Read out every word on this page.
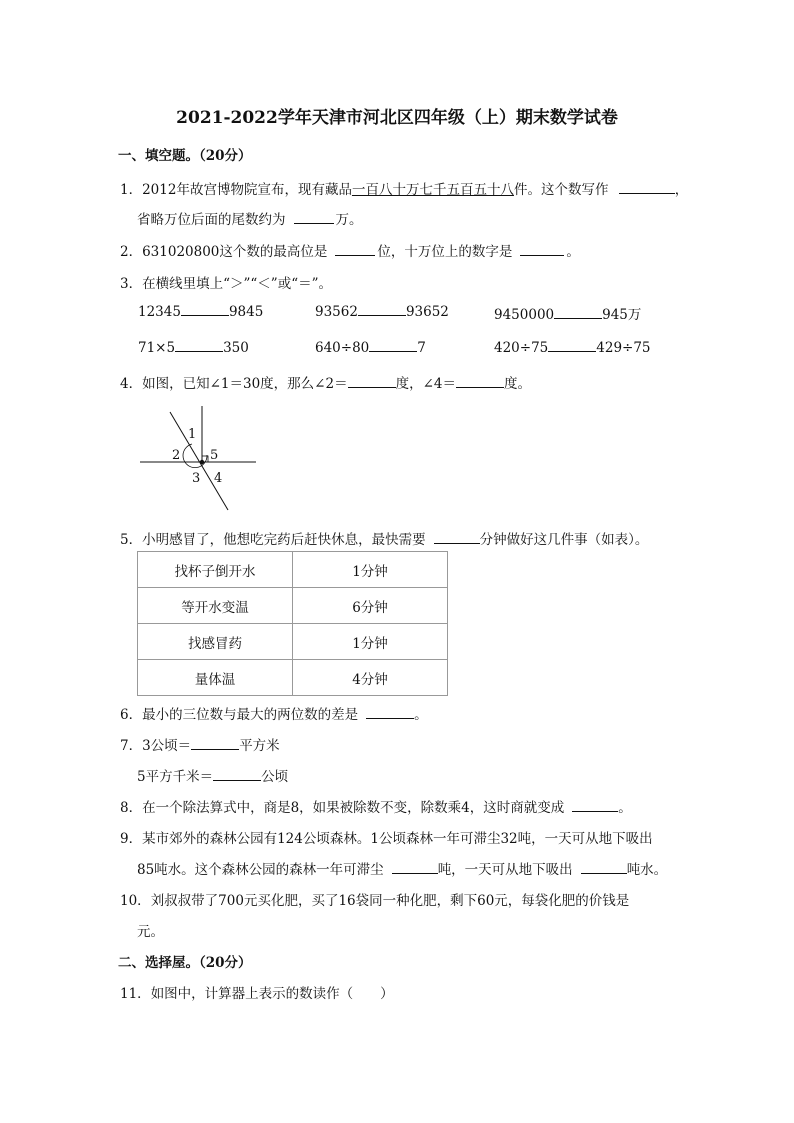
2021-2022学年天津市河北区四年级（上）期末数学试卷
一、填空题。（20分）
1．2012年故宫博物院宣布，现有藏品一百八十万七千五百五十八件。这个数写作	，
省略万位后面的尾数约为	万。
2．631020800这个数的最高位是	位，十万位上的数字是	。
3．在横线里填上“＞”“＜”或“＝”。
12345	9845	93562	93652	9450000	945万
71×5	350	640÷80	7	420÷75	429÷75
4．如图，已知∠1＝30度，那么∠2＝	度，∠4＝	度。
1
2 5
3 4
5．小明感冒了，他想吃完药后赶快休息，最快需要	分钟做好这几件事（如表）。
找杯子倒开水	1分钟
等开水变温	6分钟
找感冒药	1分钟
量体温	4分钟
6．最小的三位数与最大的两位数的差是	。
7．3公顷＝	平方米
5平方千米＝	公顷
8．在一个除法算式中，商是8，如果被除数不变，除数乘4，这时商就变成	。
9．某市郊外的森林公园有124公顷森林。1公顷森林一年可滞尘32吨，一天可从地下吸出
85吨水。这个森林公园的森林一年可滞尘	吨，一天可从地下吸出	吨水。
10．刘叔叔带了700元买化肥，买了16袋同一种化肥，剩下60元，每袋化肥的价钱是
元。
二、选择屋。（20分）
11．如图中，计算器上表示的数读作（　　）
